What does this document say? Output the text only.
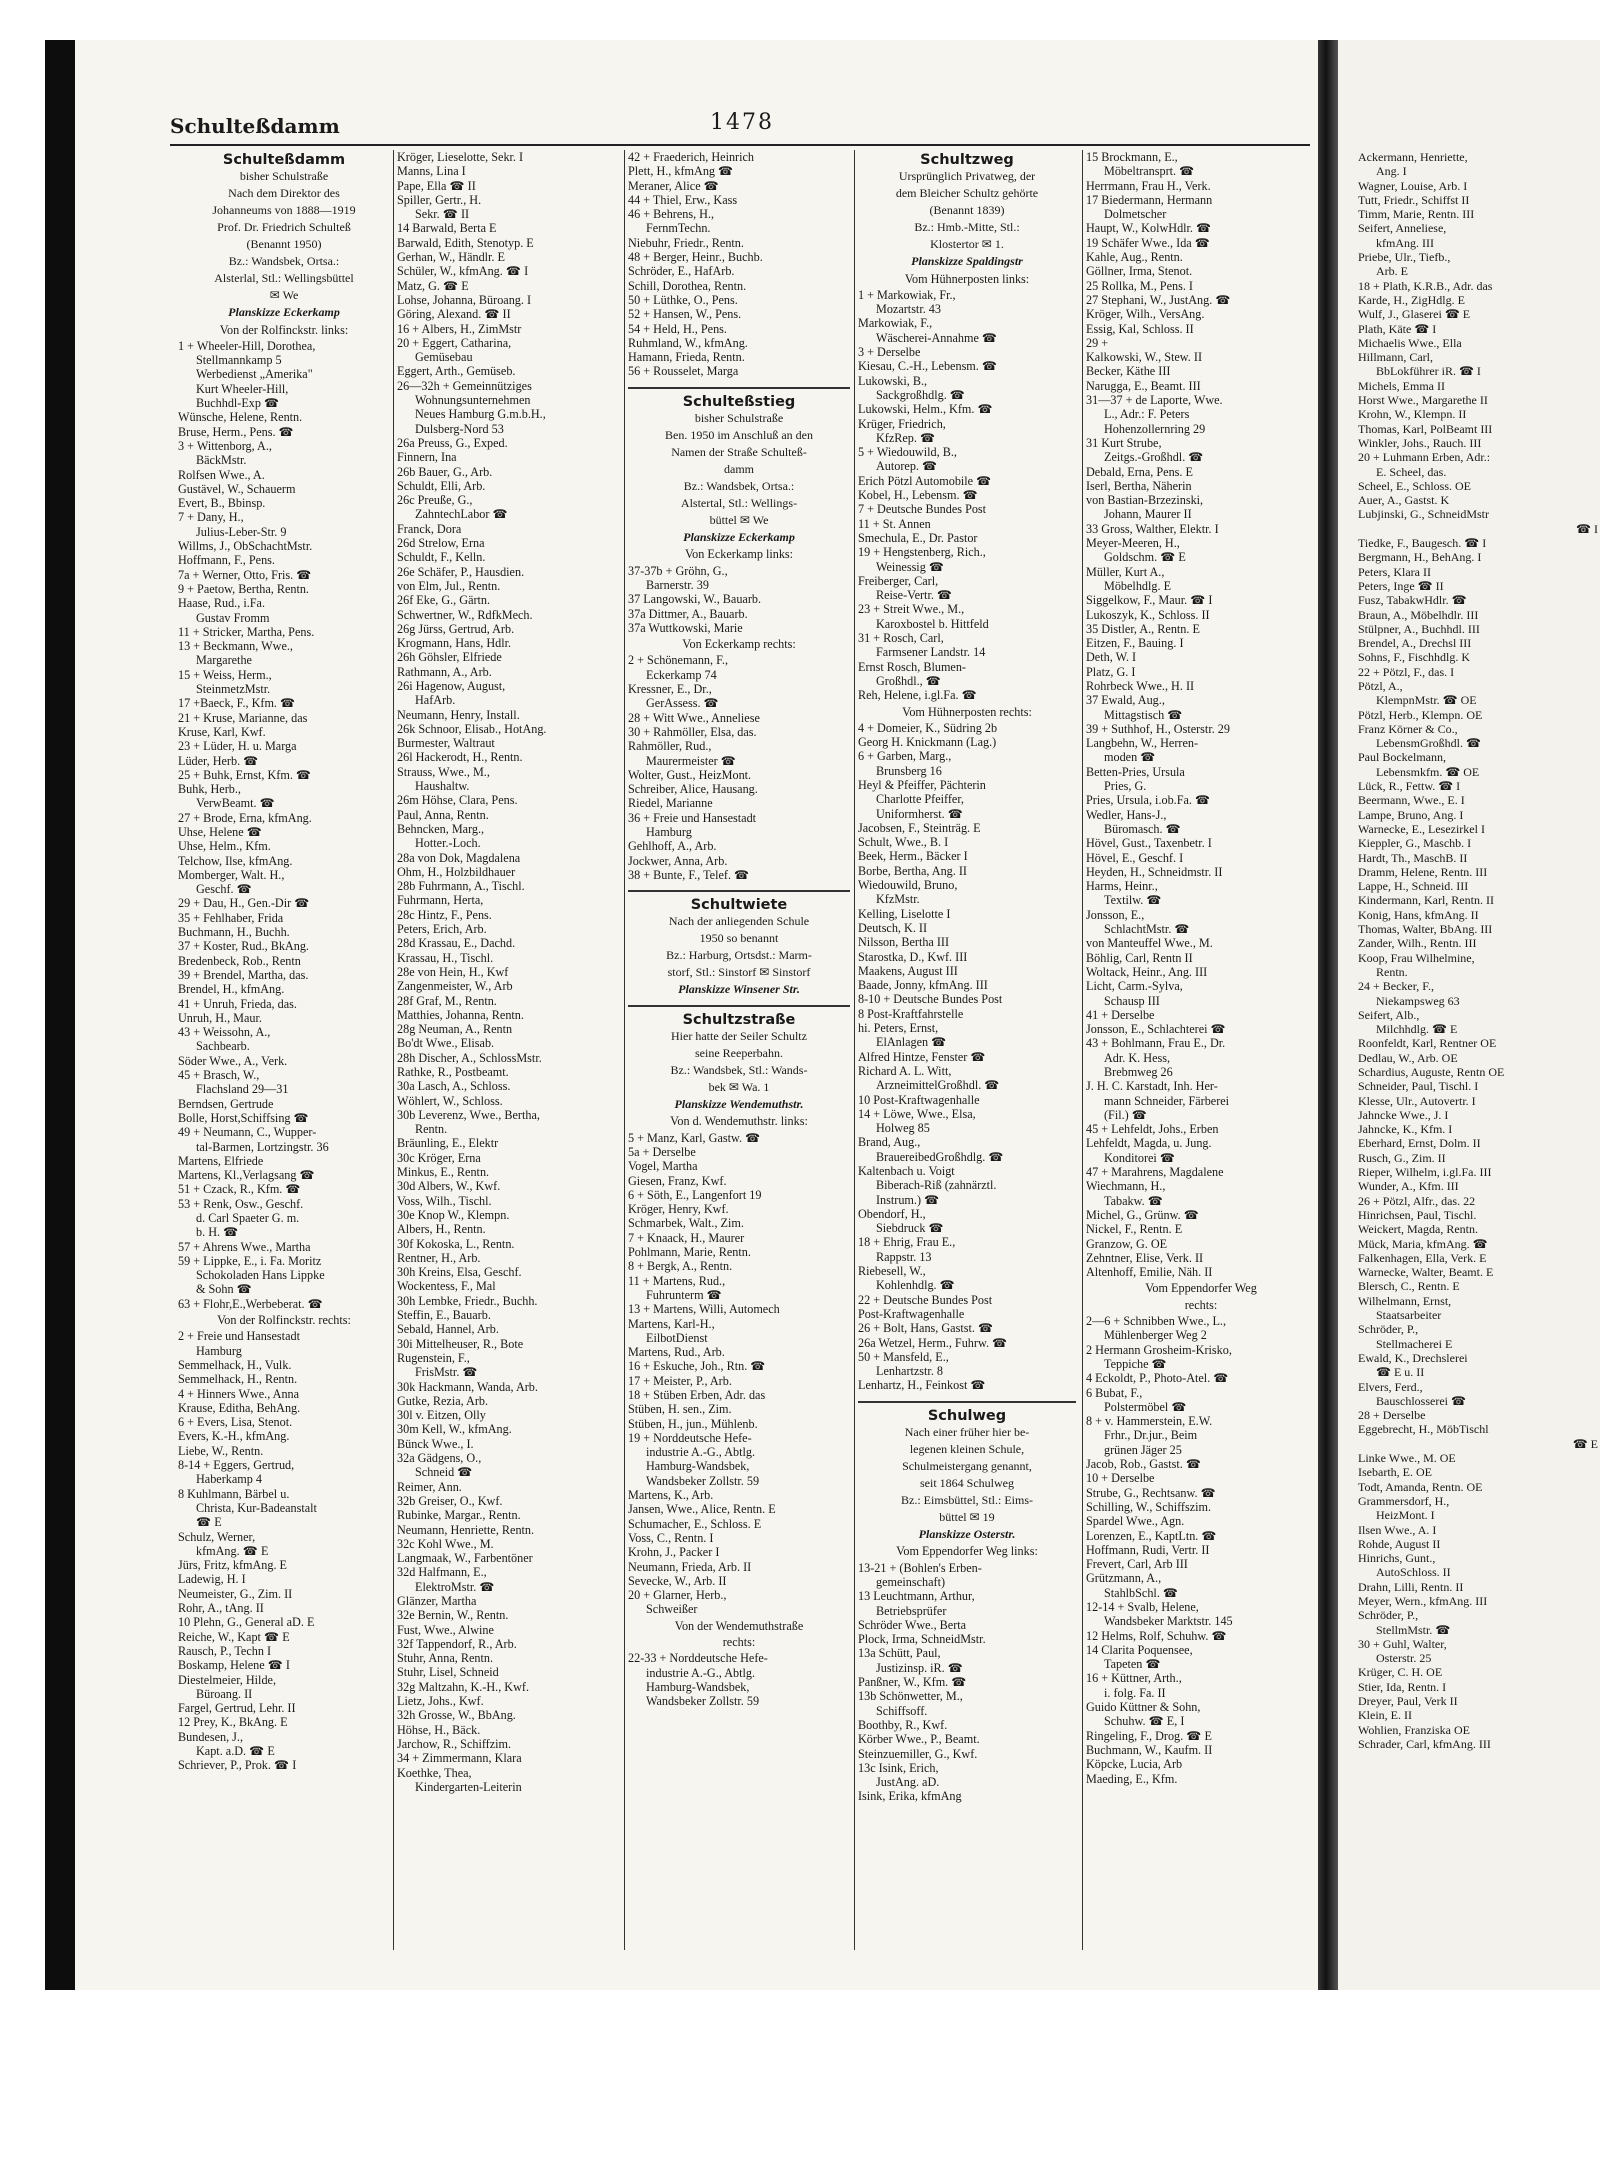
Schulteßdamm	1478
Schulteßdamm
bisher Schulstraße
Nach dem Direktor des
Johanneums von 1888—1919
Prof. Dr. Friedrich Schulteß
(Benannt 1950)
Bz.: Wandsbek, Ortsa.:
Alsterlal, Stl.: Wellingsbüttel
✉ We
Planskizze Eckerkamp
Von der Rolfinckstr. links:
1 + Wheeler-Hill, Dorothea,
Stellmannkamp 5
Werbedienst „Amerika"
Kurt Wheeler-Hill,
Buchhdl-Exp ☎
Wünsche, Helene, Rentn.
Bruse, Herm., Pens. ☎
3 + Wittenborg, A.,
BäckMstr.
Rolfsen Wwe., A.
Gustävel, W., Schauerm
Evert, B., Bbinsp.
7 + Dany, H.,
Julius-Leber-Str. 9
Willms, J., ObSchachtMstr.
Hoffmann, F., Pens.
7a + Werner, Otto, Fris. ☎
9 + Paetow, Bertha, Rentn.
Haase, Rud., i.Fa.
Gustav Fromm
11 + Stricker, Martha, Pens.
13 + Beckmann, Wwe.,
Margarethe
15 + Weiss, Herm.,
SteinmetzMstr.
17 +Baeck, F., Kfm. ☎
21 + Kruse, Marianne, das
Kruse, Karl, Kwf.
23 + Lüder, H. u. Marga
Lüder, Herb. ☎
25 + Buhk, Ernst, Kfm. ☎
Buhk, Herb.,
VerwBeamt. ☎
27 + Brode, Erna, kfmAng.
Uhse, Helene ☎
Uhse, Helm., Kfm.
Telchow, Ilse, kfmAng.
Momberger, Walt. H.,
Geschf. ☎
29 + Dau, H., Gen.-Dir ☎
35 + Fehlhaber, Frida
Buchmann, H., Buchh.
37 + Koster, Rud., BkAng.
Bredenbeck, Rob., Rentn
39 + Brendel, Martha, das.
Brendel, H., kfmAng.
41 + Unruh, Frieda, das.
Unruh, H., Maur.
43 + Weissohn, A.,
Sachbearb.
Söder Wwe., A., Verk.
45 + Brasch, W.,
Flachsland 29—31
Berndsen, Gertrude
Bolle, Horst,Schiffsing ☎
49 + Neumann, C., Wupper-
tal-Barmen, Lortzingstr. 36
Martens, Elfriede
Martens, Kl.,Verlagsang ☎
51 + Czack, R., Kfm. ☎
53 + Renk, Osw., Geschf.
d. Carl Spaeter G. m.
b. H. ☎
57 + Ahrens Wwe., Martha
59 + Lippke, E., i. Fa. Moritz
Schokoladen Hans Lippke
& Sohn ☎
63 + Flohr,E.,Werbeberat. ☎
Von der Rolfinckstr. rechts:
2 + Freie und Hansestadt
Hamburg
Semmelhack, H., Vulk.
Semmelhack, H., Rentn.
4 + Hinners Wwe., Anna
Krause, Editha, BehAng.
6 + Evers, Lisa, Stenot.
Evers, K.-H., kfmAng.
Liebe, W., Rentn.
8-14 + Eggers, Gertrud,
Haberkamp 4
8 Kuhlmann, Bärbel u.
Christa, Kur-Badeanstalt
☎ E
Schulz, Werner,
kfmAng. ☎ E
Jürs, Fritz, kfmAng. E
Ladewig, H. I
Neumeister, G., Zim. II
Rohr, A., tAng. II
10 Plehn, G., General aD. E
Reiche, W., Kapt ☎ E
Rausch, P., Techn I
Boskamp, Helene ☎ I
Diestelmeier, Hilde,
Büroang. II
Fargel, Gertrud, Lehr. II
12 Prey, K., BkAng. E
Bundesen, J.,
Kapt. a.D. ☎ E
Schriever, P., Prok. ☎ I
Kröger, Lieselotte, Sekr. I
Manns, Lina I
Pape, Ella ☎ II
Spiller, Gertr., H.
Sekr. ☎ II
14 Barwald, Berta E
Barwald, Edith, Stenotyp. E
Gerhan, W., Händlr. E
Schüler, W., kfmAng. ☎ I
Matz, G. ☎ E
Lohse, Johanna, Büroang. I
Göring, Alexand. ☎ II
16 + Albers, H., ZimMstr
20 + Eggert, Catharina,
Gemüsebau
Eggert, Arth., Gemüseb.
26—32h + Gemeinnütziges
Wohnungsunternehmen
Neues Hamburg G.m.b.H.,
Dulsberg-Nord 53
26a Preuss, G., Exped.
Finnern, Ina
26b Bauer, G., Arb.
Schuldt, Elli, Arb.
26c Preuße, G.,
ZahntechLabor ☎
Franck, Dora
26d Strelow, Erna
Schuldt, F., Kelln.
26e Schäfer, P., Hausdien.
von Elm, Jul., Rentn.
26f Eke, G., Gärtn.
Schwertner, W., RdfkMech.
26g Jürss, Gertrud, Arb.
Krogmann, Hans, Hdlr.
26h Göhsler, Elfriede
Rathmann, A., Arb.
26i Hagenow, August,
HafArb.
Neumann, Henry, Install.
26k Schnoor, Elisab., HotAng.
Burmester, Waltraut
26l Hackerodt, H., Rentn.
Strauss, Wwe., M.,
Haushaltw.
26m Höhse, Clara, Pens.
Paul, Anna, Rentn.
Behncken, Marg.,
Hotter.-Loch.
28a von Dok, Magdalena
Ohm, H., Holzbildhauer
28b Fuhrmann, A., Tischl.
Fuhrmann, Herta,
28c Hintz, F., Pens.
Peters, Erich, Arb.
28d Krassau, E., Dachd.
Krassau, H., Tischl.
28e von Hein, H., Kwf
Zangenmeister, W., Arb
28f Graf, M., Rentn.
Matthies, Johanna, Rentn.
28g Neuman, A., Rentn
Bo'dt Wwe., Elisab.
28h Discher, A., SchlossMstr.
Rathke, R., Postbeamt.
30a Lasch, A., Schloss.
Wöhlert, W., Schloss.
30b Leverenz, Wwe., Bertha,
Rentn.
Bräunling, E., Elektr
30c Kröger, Erna
Minkus, E., Rentn.
30d Albers, W., Kwf.
Voss, Wilh., Tischl.
30e Knop W., Klempn.
Albers, H., Rentn.
30f Kokoska, L., Rentn.
Rentner, H., Arb.
30h Kreins, Elsa, Geschf.
Wockentess, F., Mal
30h Lembke, Friedr., Buchh.
Steffin, E., Bauarb.
Sebald, Hannel, Arb.
30i Mittelheuser, R., Bote
Rugenstein, F.,
FrisMstr. ☎
30k Hackmann, Wanda, Arb.
Gutke, Rezia, Arb.
30l v. Eitzen, Olly
30m Kell, W., kfmAng.
Bünck Wwe., I.
32a Gädgens, O.,
Schneid ☎
Reimer, Ann.
32b Greiser, O., Kwf.
Rubinke, Margar., Rentn.
Neumann, Henriette, Rentn.
32c Kohl Wwe., M.
Langmaak, W., Farbentöner
32d Halfmann, E.,
ElektroMstr. ☎
Glänzer, Martha
32e Bernin, W., Rentn.
Fust, Wwe., Alwine
32f Tappendorf, R., Arb.
Stuhr, Anna, Rentn.
Stuhr, Lisel, Schneid
32g Maltzahn, K.-H., Kwf.
Lietz, Johs., Kwf.
32h Grosse, W., BbAng.
Höhse, H., Bäck.
Jarchow, R., Schiffzim.
34 + Zimmermann, Klara
Koethke, Thea,
Kindergarten-Leiterin
42 + Fraederich, Heinrich
Plett, H., kfmAng ☎
Meraner, Alice ☎
44 + Thiel, Erw., Kass
46 + Behrens, H.,
FernmTechn.
Niebuhr, Friedr., Rentn.
48 + Berger, Heinr., Buchb.
Schröder, E., HafArb.
Schill, Dorothea, Rentn.
50 + Lüthke, O., Pens.
52 + Hansen, W., Pens.
54 + Held, H., Pens.
Ruhmland, W., kfmAng.
Hamann, Frieda, Rentn.
56 + Rousselet, Marga
Schulteßstieg
bisher Schulstraße
Ben. 1950 im Anschluß an den
Namen der Straße Schulteß-
damm
Bz.: Wandsbek, Ortsa.:
Alstertal, Stl.: Wellings-
büttel ✉ We
Planskizze Eckerkamp
Von Eckerkamp links:
37-37b + Gröhn, G.,
Barnerstr. 39
37 Langowski, W., Bauarb.
37a Dittmer, A., Bauarb.
37a Wuttkowski, Marie
Von Eckerkamp rechts:
2 + Schönemann, F.,
Eckerkamp 74
Kressner, E., Dr.,
GerAssess. ☎
28 + Witt Wwe., Anneliese
30 + Rahmöller, Elsa, das.
Rahmöller, Rud.,
Maurermeister ☎
Wolter, Gust., HeizMont.
Schreiber, Alice, Hausang.
Riedel, Marianne
36 + Freie und Hansestadt
Hamburg
Gehlhoff, A., Arb.
Jockwer, Anna, Arb.
38 + Bunte, F., Telef. ☎
Schultwiete
Nach der anliegenden Schule
1950 so benannt
Bz.: Harburg, Ortsdst.: Marm-
storf, Stl.: Sinstorf ✉ Sinstorf
Planskizze Winsener Str.
Schultzstraße
Hier hatte der Seiler Schultz
seine Reeperbahn.
Bz.: Wandsbek, Stl.: Wands-
bek ✉ Wa. 1
Planskizze Wendemuthstr.
Von d. Wendemuthstr. links:
5 + Manz, Karl, Gastw. ☎
5a + Derselbe
Vogel, Martha
Giesen, Franz, Kwf.
6 + Söth, E., Langenfort 19
Kröger, Henry, Kwf.
Schmarbek, Walt., Zim.
7 + Knaack, H., Maurer
Pohlmann, Marie, Rentn.
8 + Bergk, A., Rentn.
11 + Martens, Rud.,
Fuhrunterm ☎
13 + Martens, Willi, Automech
Martens, Karl-H.,
EilbotDienst
Martens, Rud., Arb.
16 + Eskuche, Joh., Rtn. ☎
17 + Meister, P., Arb.
18 + Stüben Erben, Adr. das
Stüben, H. sen., Zim.
Stüben, H., jun., Mühlenb.
19 + Norddeutsche Hefe-
industrie A.-G., Abtlg.
Hamburg-Wandsbek,
Wandsbeker Zollstr. 59
Martens, K., Arb.
Jansen, Wwe., Alice, Rentn. E
Schumacher, E., Schloss. E
Voss, C., Rentn. I
Krohn, J., Packer I
Neumann, Frieda, Arb. II
Sevecke, W., Arb. II
20 + Glarner, Herb.,
Schweißer
Von der Wendemuthstraße
rechts:
22-33 + Norddeutsche Hefe-
industrie A.-G., Abtlg.
Hamburg-Wandsbek,
Wandsbeker Zollstr. 59
Schultzweg
Ursprünglich Privatweg, der
dem Bleicher Schultz gehörte
(Benannt 1839)
Bz.: Hmb.-Mitte, Stl.:
Klostertor ✉ 1.
Planskizze Spaldingstr
Vom Hühnerposten links:
1 + Markowiak, Fr.,
Mozartstr. 43
Markowiak, F.,
Wäscherei-Annahme ☎
3 + Derselbe
Kiesau, C.-H., Lebensm. ☎
Lukowski, B.,
Sackgroßhdlg. ☎
Lukowski, Helm., Kfm. ☎
Krüger, Friedrich,
KfzRep. ☎
5 + Wiedouwild, B.,
Autorep. ☎
Erich Pötzl Automobile ☎
Kobel, H., Lebensm. ☎
7 + Deutsche Bundes Post
11 + St. Annen
Smechula, E., Dr. Pastor
19 + Hengstenberg, Rich.,
Weinessig ☎
Freiberger, Carl,
Reise-Vertr. ☎
23 + Streit Wwe., M.,
Karoxbostel b. Hittfeld
31 + Rosch, Carl,
Farmsener Landstr. 14
Ernst Rosch, Blumen-
Großhdl., ☎
Reh, Helene, i.gl.Fa. ☎
Vom Hühnerposten rechts:
4 + Domeier, K., Südring 2b
Georg H. Knickmann (Lag.)
6 + Garben, Marg.,
Brunsberg 16
Heyl & Pfeiffer, Pächterin
Charlotte Pfeiffer,
Uniformherst. ☎
Jacobsen, F., Steinträg. E
Schult, Wwe., B. I
Beek, Herm., Bäcker I
Borbe, Bertha, Ang. II
Wiedouwild, Bruno,
KfzMstr.
Kelling, Liselotte I
Deutsch, K. II
Nilsson, Bertha III
Starostka, D., Kwf. III
Maakens, August III
Baade, Jonny, kfmAng. III
8-10 + Deutsche Bundes Post
8 Post-Kraftfahrstelle
hi. Peters, Ernst,
ElAnlagen ☎
Alfred Hintze, Fenster ☎
Richard A. L. Witt,
ArzneimittelGroßhdl. ☎
10 Post-Kraftwagenhalle
14 + Löwe, Wwe., Elsa,
Holweg 85
Brand, Aug.,
BrauereibedGroßhdlg. ☎
Kaltenbach u. Voigt
Biberach-Riß (zahnärztl.
Instrum.) ☎
Obendorf, H.,
Siebdruck ☎
18 + Ehrig, Frau E.,
Rappstr. 13
Riebesell, W.,
Kohlenhdlg. ☎
22 + Deutsche Bundes Post
Post-Kraftwagenhalle
26 + Bolt, Hans, Gastst. ☎
26a Wetzel, Herm., Fuhrw. ☎
50 + Mansfeld, E.,
Lenhartzstr. 8
Lenhartz, H., Feinkost ☎
Schulweg
Nach einer früher hier be-
legenen kleinen Schule,
Schulmeistergang genannt,
seit 1864 Schulweg
Bz.: Eimsbüttel, Stl.: Eims-
büttel ✉ 19
Planskizze Osterstr.
Vom Eppendorfer Weg links:
13-21 + (Bohlen's Erben-
gemeinschaft)
13 Leuchtmann, Arthur,
Betriebsprüfer
Schröder Wwe., Berta
Plock, Irma, SchneidMstr.
13a Schütt, Paul,
Justizinsp. iR. ☎
Panßner, W., Kfm. ☎
13b Schönwetter, M.,
Schiffsoff.
Boothby, R., Kwf.
Körber Wwe., P., Beamt.
Steinzuemiller, G., Kwf.
13c Isink, Erich,
JustAng. aD.
Isink, Erika, kfmAng
15 Brockmann, E.,
Möbeltransprt. ☎
Herrmann, Frau H., Verk.
17 Biedermann, Hermann
Dolmetscher
Haupt, W., KolwHdlr. ☎
19 Schäfer Wwe., Ida ☎
Kahle, Aug., Rentn.
Göllner, Irma, Stenot.
25 Rollka, M., Pens. I
27 Stephani, W., JustAng. ☎
Kröger, Wilh., VersAng.
Essig, Kal, Schloss. II
29 +
Kalkowski, W., Stew. II
Becker, Käthe III
Narugga, E., Beamt. III
31—37 + de Laporte, Wwe.
L., Adr.: F. Peters
Hohenzollernring 29
31 Kurt Strube,
Zeitgs.-Großhdl. ☎
Debald, Erna, Pens. E
Iserl, Bertha, Näherin
von Bastian-Brzezinski,
Johann, Maurer II
33 Gross, Walther, Elektr. I
Meyer-Meeren, H.,
Goldschm. ☎ E
Müller, Kurt A.,
Möbelhdlg. E
Siggelkow, F., Maur. ☎ I
Lukoszyk, K., Schloss. II
35 Distler, A., Rentn. E
Eitzen, F., Bauing. I
Deth, W. I
Platz, G. I
Rohrbeck Wwe., H. II
37 Ewald, Aug.,
Mittagstisch ☎
39 + Suthhof, H., Osterstr. 29
Langbehn, W., Herren-
moden ☎
Betten-Pries, Ursula
Pries, G.
Pries, Ursula, i.ob.Fa. ☎
Wedler, Hans-J.,
Büromasch. ☎
Hövel, Gust., Taxenbetr. I
Hövel, E., Geschf. I
Heyden, H., Schneidmstr. II
Harms, Heinr.,
Textilw. ☎
Jonsson, E.,
SchlachtMstr. ☎
von Manteuffel Wwe., M.
Böhlig, Carl, Rentn II
Woltack, Heinr., Ang. III
Licht, Carm.-Sylva,
Schausp III
41 + Derselbe
Jonsson, E., Schlachterei ☎
43 + Bohlmann, Frau E., Dr.
Adr. K. Hess,
Brebmweg 26
J. H. C. Karstadt, Inh. Her-
mann Schneider, Färberei
(Fil.) ☎
45 + Lehfeldt, Johs., Erben
Lehfeldt, Magda, u. Jung.
Konditorei ☎
47 + Marahrens, Magdalene
Wiechmann, H.,
Tabakw. ☎
Michel, G., Grünw. ☎
Nickel, F., Rentn. E
Granzow, G. OE
Zehntner, Elise, Verk. II
Altenhoff, Emilie, Näh. II
Vom Eppendorfer Weg
rechts:
2—6 + Schnibben Wwe., L.,
Mühlenberger Weg 2
2 Hermann Grosheim-Krisko,
Teppiche ☎
4 Eckoldt, P., Photo-Atel. ☎
6 Bubat, F.,
Polstermöbel ☎
8 + v. Hammerstein, E.W.
Frhr., Dr.jur., Beim
grünen Jäger 25
Jacob, Rob., Gastst. ☎
10 + Derselbe
Strube, G., Rechtsanw. ☎
Schilling, W., Schiffszim.
Spardel Wwe., Agn.
Lorenzen, E., KaptLtn. ☎
Hoffmann, Rudi, Vertr. II
Frevert, Carl, Arb III
Grützmann, A.,
StahlbSchl. ☎
12-14 + Svalb, Helene,
Wandsbeker Marktstr. 145
12 Helms, Rolf, Schuhw. ☎
14 Clarita Poquensee,
Tapeten ☎
16 + Küttner, Arth.,
i. folg. Fa. II
Guido Küttner & Sohn,
Schuhw. ☎ E, I
Ringeling, F., Drog. ☎ E
Buchmann, W., Kaufm. II
Köpcke, Lucia, Arb
Maeding, E., Kfm.
Ackermann, Henriette,
Ang. I
Wagner, Louise, Arb. I
Tutt, Friedr., Schiffst II
Timm, Marie, Rentn. III
Seifert, Anneliese,
kfmAng. III
Priebe, Ulr., Tiefb.,
Arb. E
18 + Plath, K.R.B., Adr. das
Karde, H., ZigHdlg. E
Wulf, J., Glaserei ☎ E
Plath, Käte ☎ I
Michaelis Wwe., Ella
Hillmann, Carl,
BbLokführer iR. ☎ I
Michels, Emma II
Horst Wwe., Margarethe II
Krohn, W., Klempn. II
Thomas, Karl, PolBeamt III
Winkler, Johs., Rauch. III
20 + Luhmann Erben, Adr.:
E. Scheel, das.
Scheel, E., Schloss. OE
Auer, A., Gastst. K
Lubjinski, G., SchneidMstr
☎ I
Tiedke, F., Baugesch. ☎ I
Bergmann, H., BehAng. I
Peters, Klara II
Peters, Inge ☎ II
Fusz, TabakwHdlr. ☎
Braun, A., Möbelhdlr. III
Stülpner, A., Buchhdl. III
Brendel, A., Drechsl III
Sohns, F., Fischhdlg. K
22 + Pötzl, F., das. I
Pötzl, A.,
KlempnMstr. ☎ OE
Pötzl, Herb., Klempn. OE
Franz Körner & Co.,
LebensmGroßhdl. ☎
Paul Bockelmann,
Lebensmkfm. ☎ OE
Lück, R., Fettw. ☎ I
Beermann, Wwe., E. I
Lampe, Bruno, Ang. I
Warnecke, E., Lesezirkel I
Kieppler, G., Maschb. I
Hardt, Th., MaschB. II
Dramm, Helene, Rentn. III
Lappe, H., Schneid. III
Kindermann, Karl, Rentn. II
Konig, Hans, kfmAng. II
Thomas, Walter, BbAng. III
Zander, Wilh., Rentn. III
Koop, Frau Wilhelmine,
Rentn.
24 + Becker, F.,
Niekampsweg 63
Seifert, Alb.,
Milchhdlg. ☎ E
Roonfeldt, Karl, Rentner OE
Dedlau, W., Arb. OE
Schardius, Auguste, Rentn OE
Schneider, Paul, Tischl. I
Klesse, Ulr., Autovertr. I
Jahncke Wwe., J. I
Jahncke, K., Kfm. I
Eberhard, Ernst, Dolm. II
Rusch, G., Zim. II
Rieper, Wilhelm, i.gl.Fa. III
Wunder, A., Kfm. III
26 + Pötzl, Alfr., das. 22
Hinrichsen, Paul, Tischl.
Weickert, Magda, Rentn.
Mück, Maria, kfmAng. ☎
Falkenhagen, Ella, Verk. E
Warnecke, Walter, Beamt. E
Blersch, C., Rentn. E
Wilhelmann, Ernst,
Staatsarbeiter
Schröder, P.,
Stellmacherei E
Ewald, K., Drechslerei
☎ E u. II
Elvers, Ferd.,
Bauschlosserei ☎
28 + Derselbe
Eggebrecht, H., MöbTischl
☎ E
Linke Wwe., M. OE
Isebarth, E. OE
Todt, Amanda, Rentn. OE
Grammersdorf, H.,
HeizMont. I
Ilsen Wwe., A. I
Rohde, August II
Hinrichs, Gunt.,
AutoSchloss. II
Drahn, Lilli, Rentn. II
Meyer, Wern., kfmAng. III
Schröder, P.,
StellmMstr. ☎
30 + Guhl, Walter,
Osterstr. 25
Krüger, C. H. OE
Stier, Ida, Rentn. I
Dreyer, Paul, Verk II
Klein, E. II
Wohlien, Franziska OE
Schrader, Carl, kfmAng. III
